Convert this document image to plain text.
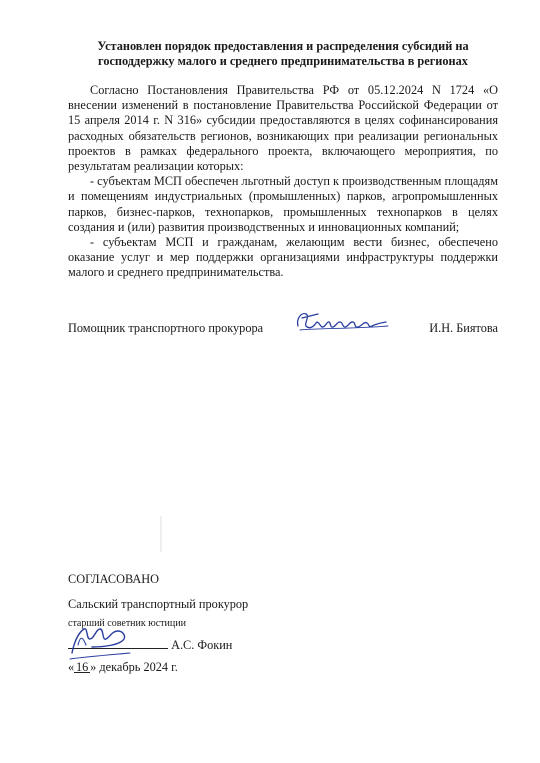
Установлен порядок предоставления и распределения субсидий на господдержку малого и среднего предпринимательства в регионах

Согласно Постановления Правительства РФ от 05.12.2024 N 1724 «О внесении изменений в постановление Правительства Российской Федерации от 15 апреля 2014 г. N 316» субсидии предоставляются в целях софинансирования расходных обязательств регионов, возникающих при реализации региональных проектов в рамках федерального проекта, включающего мероприятия, по результатам реализации которых:

- субъектам МСП обеспечен льготный доступ к производственным площадям и помещениям индустриальных (промышленных) парков, агропромышленных парков, бизнес-парков, технопарков, промышленных технопарков в целях создания и (или) развития производственных и инновационных компаний;

- субъектам МСП и гражданам, желающим вести бизнес, обеспечено оказание услуг и мер поддержки организациями инфраструктуры поддержки малого и среднего предпринимательства.

Помощник транспортного прокурора	И.Н. Биятова
СОГЛАСОВАНО
Сальский транспортный прокурор
старший советник юстиции
А.С. Фокин
« 16 » декабрь 2024 г.
